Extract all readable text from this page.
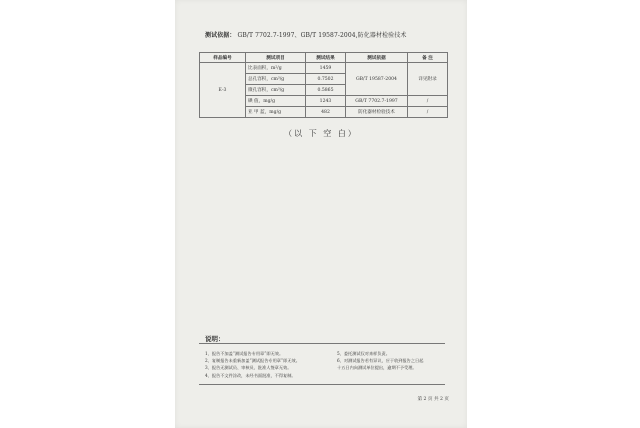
测试依据： GB/T 7702.7-1997、GB/T 19587-2004,防化器材检验技术
样品编号	测试项目	测试结果	测试依据	备 注
E-3	比表面积，m²/g	1459	GB/T 19587-2004	详见附录
	总孔容积，cm³/g	0.7502		
	微孔容积，cm³/g	0.5865		
	碘 值，mg/g	1243	GB/T 7702.7-1997	/
	亚 甲 蓝，mg/g	482	防化器材检验技术	/
（以 下 空 白）
说明：
1、报告不加盖“测试报告专用章”即无效。
2、复制报告未重新加盖“测试报告专用章”即无效。
3、报告无测试员、审核员、批准人签章无效。
4、报告不文件涂改，未经书面批准，不得复制。
5、委托测试仅对来样负责。
6、对测试报告若有异议，应于收到报告之日起
十五日内向测试单位提出，逾期不予受理。
第 2 页 共 2 页
